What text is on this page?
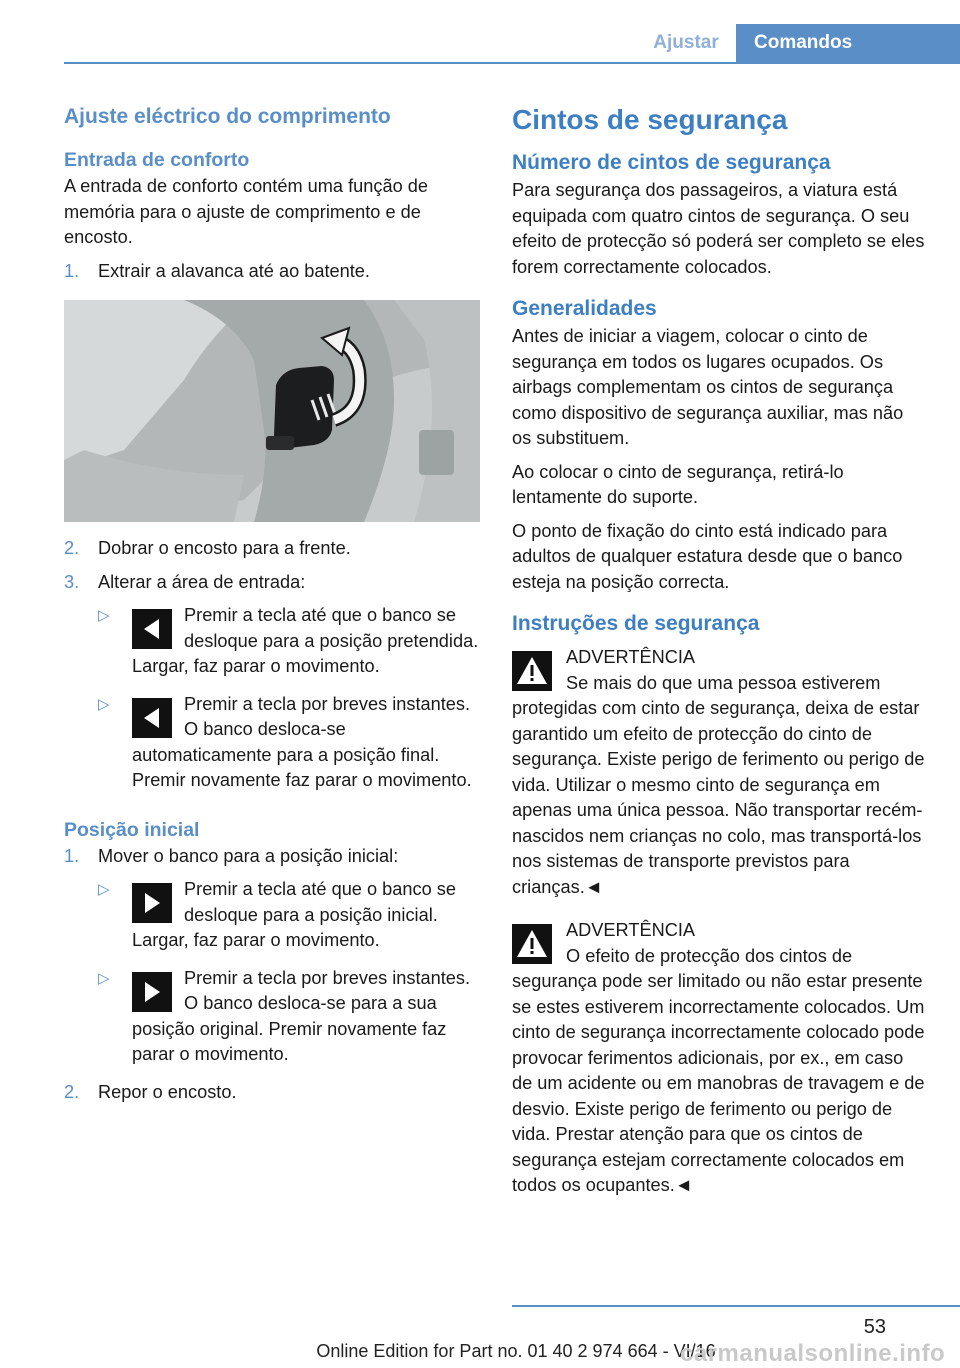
Ajustar	Comandos
Ajuste eléctrico do comprimento
Entrada de conforto

A entrada de conforto contém uma função de memória para o ajuste de comprimento e de encosto.

1.	Extrair a alavanca até ao batente.
2.	Dobrar o encosto para a frente.
3.	Alterar a área de entrada:
▷	Premir a tecla até que o banco se desloque para a posição pretendida. Largar, faz parar o movimento.
▷	Premir a tecla por breves instantes. O banco desloca-se automaticamente para a posição final. Premir novamente faz parar o movimento.
Posição inicial
1.	Mover o banco para a posição inicial:
▷	Premir a tecla até que o banco se desloque para a posição inicial. Largar, faz parar o movimento.
▷	Premir a tecla por breves instantes. O banco desloca-se para a sua posição original. Premir novamente faz parar o movimento.
2.	Repor o encosto.
Cintos de segurança
Número de cintos de segurança

Para segurança dos passageiros, a viatura está equipada com quatro cintos de segurança. O seu efeito de protecção só poderá ser completo se eles forem correctamente colocados.

Generalidades

Antes de iniciar a viagem, colocar o cinto de segurança em todos os lugares ocupados. Os airbags complementam os cintos de segurança como dispositivo de segurança auxiliar, mas não os substituem.

Ao colocar o cinto de segurança, retirá-lo lentamente do suporte.

O ponto de fixação do cinto está indicado para adultos de qualquer estatura desde que o banco esteja na posição correcta.

Instruções de segurança
ADVERTÊNCIA
Se mais do que uma pessoa estiverem protegidas com cinto de segurança, deixa de estar garantido um efeito de protecção do cinto de segurança. Existe perigo de ferimento ou perigo de vida. Utilizar o mesmo cinto de segurança em apenas uma única pessoa. Não transportar recém-nascidos nem crianças no colo, mas transportá-los nos sistemas de transporte previstos para crianças.◄
ADVERTÊNCIA
O efeito de protecção dos cintos de segurança pode ser limitado ou não estar presente se estes estiverem incorrectamente colocados. Um cinto de segurança incorrectamente colocado pode provocar ferimentos adicionais, por ex., em caso de um acidente ou em manobras de travagem e de desvio. Existe perigo de ferimento ou perigo de vida. Prestar atenção para que os cintos de segurança estejam correctamente colocados em todos os ocupantes.◄
53
Online Edition for Part no. 01 40 2 974 664 - VI/16
carmanualsonline.info
